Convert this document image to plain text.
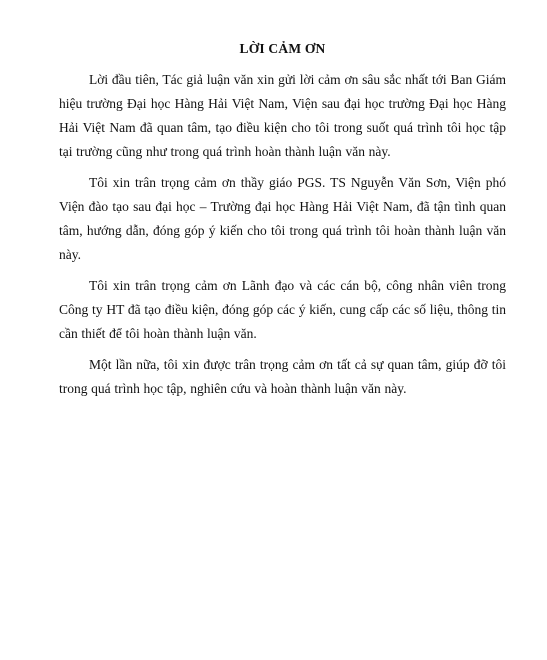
LỜI CẢM ƠN

Lời đầu tiên, Tác giả luận văn xin gửi lời cảm ơn sâu sắc nhất tới Ban Giám hiệu trường Đại học Hàng Hải Việt Nam, Viện sau đại học trường Đại học Hàng Hải Việt Nam đã quan tâm, tạo điều kiện cho tôi trong suốt quá trình tôi học tập tại trường cũng như trong quá trình hoàn thành luận văn này.

Tôi xin trân trọng cảm ơn thầy giáo PGS. TS Nguyễn Văn Sơn, Viện phó Viện đào tạo sau đại học – Trường đại học Hàng Hải Việt Nam, đã tận tình quan tâm, hướng dẫn, đóng góp ý kiến cho tôi trong quá trình tôi hoàn thành luận văn này.

Tôi xin trân trọng cảm ơn Lãnh đạo và các cán bộ, công nhân viên trong Công ty HT đã tạo điều kiện, đóng góp các ý kiến, cung cấp các số liệu, thông tin cần thiết để tôi hoàn thành luận văn.

Một lần nữa, tôi xin được trân trọng cảm ơn tất cả sự quan tâm, giúp đỡ tôi trong quá trình học tập, nghiên cứu và hoàn thành luận văn này.
